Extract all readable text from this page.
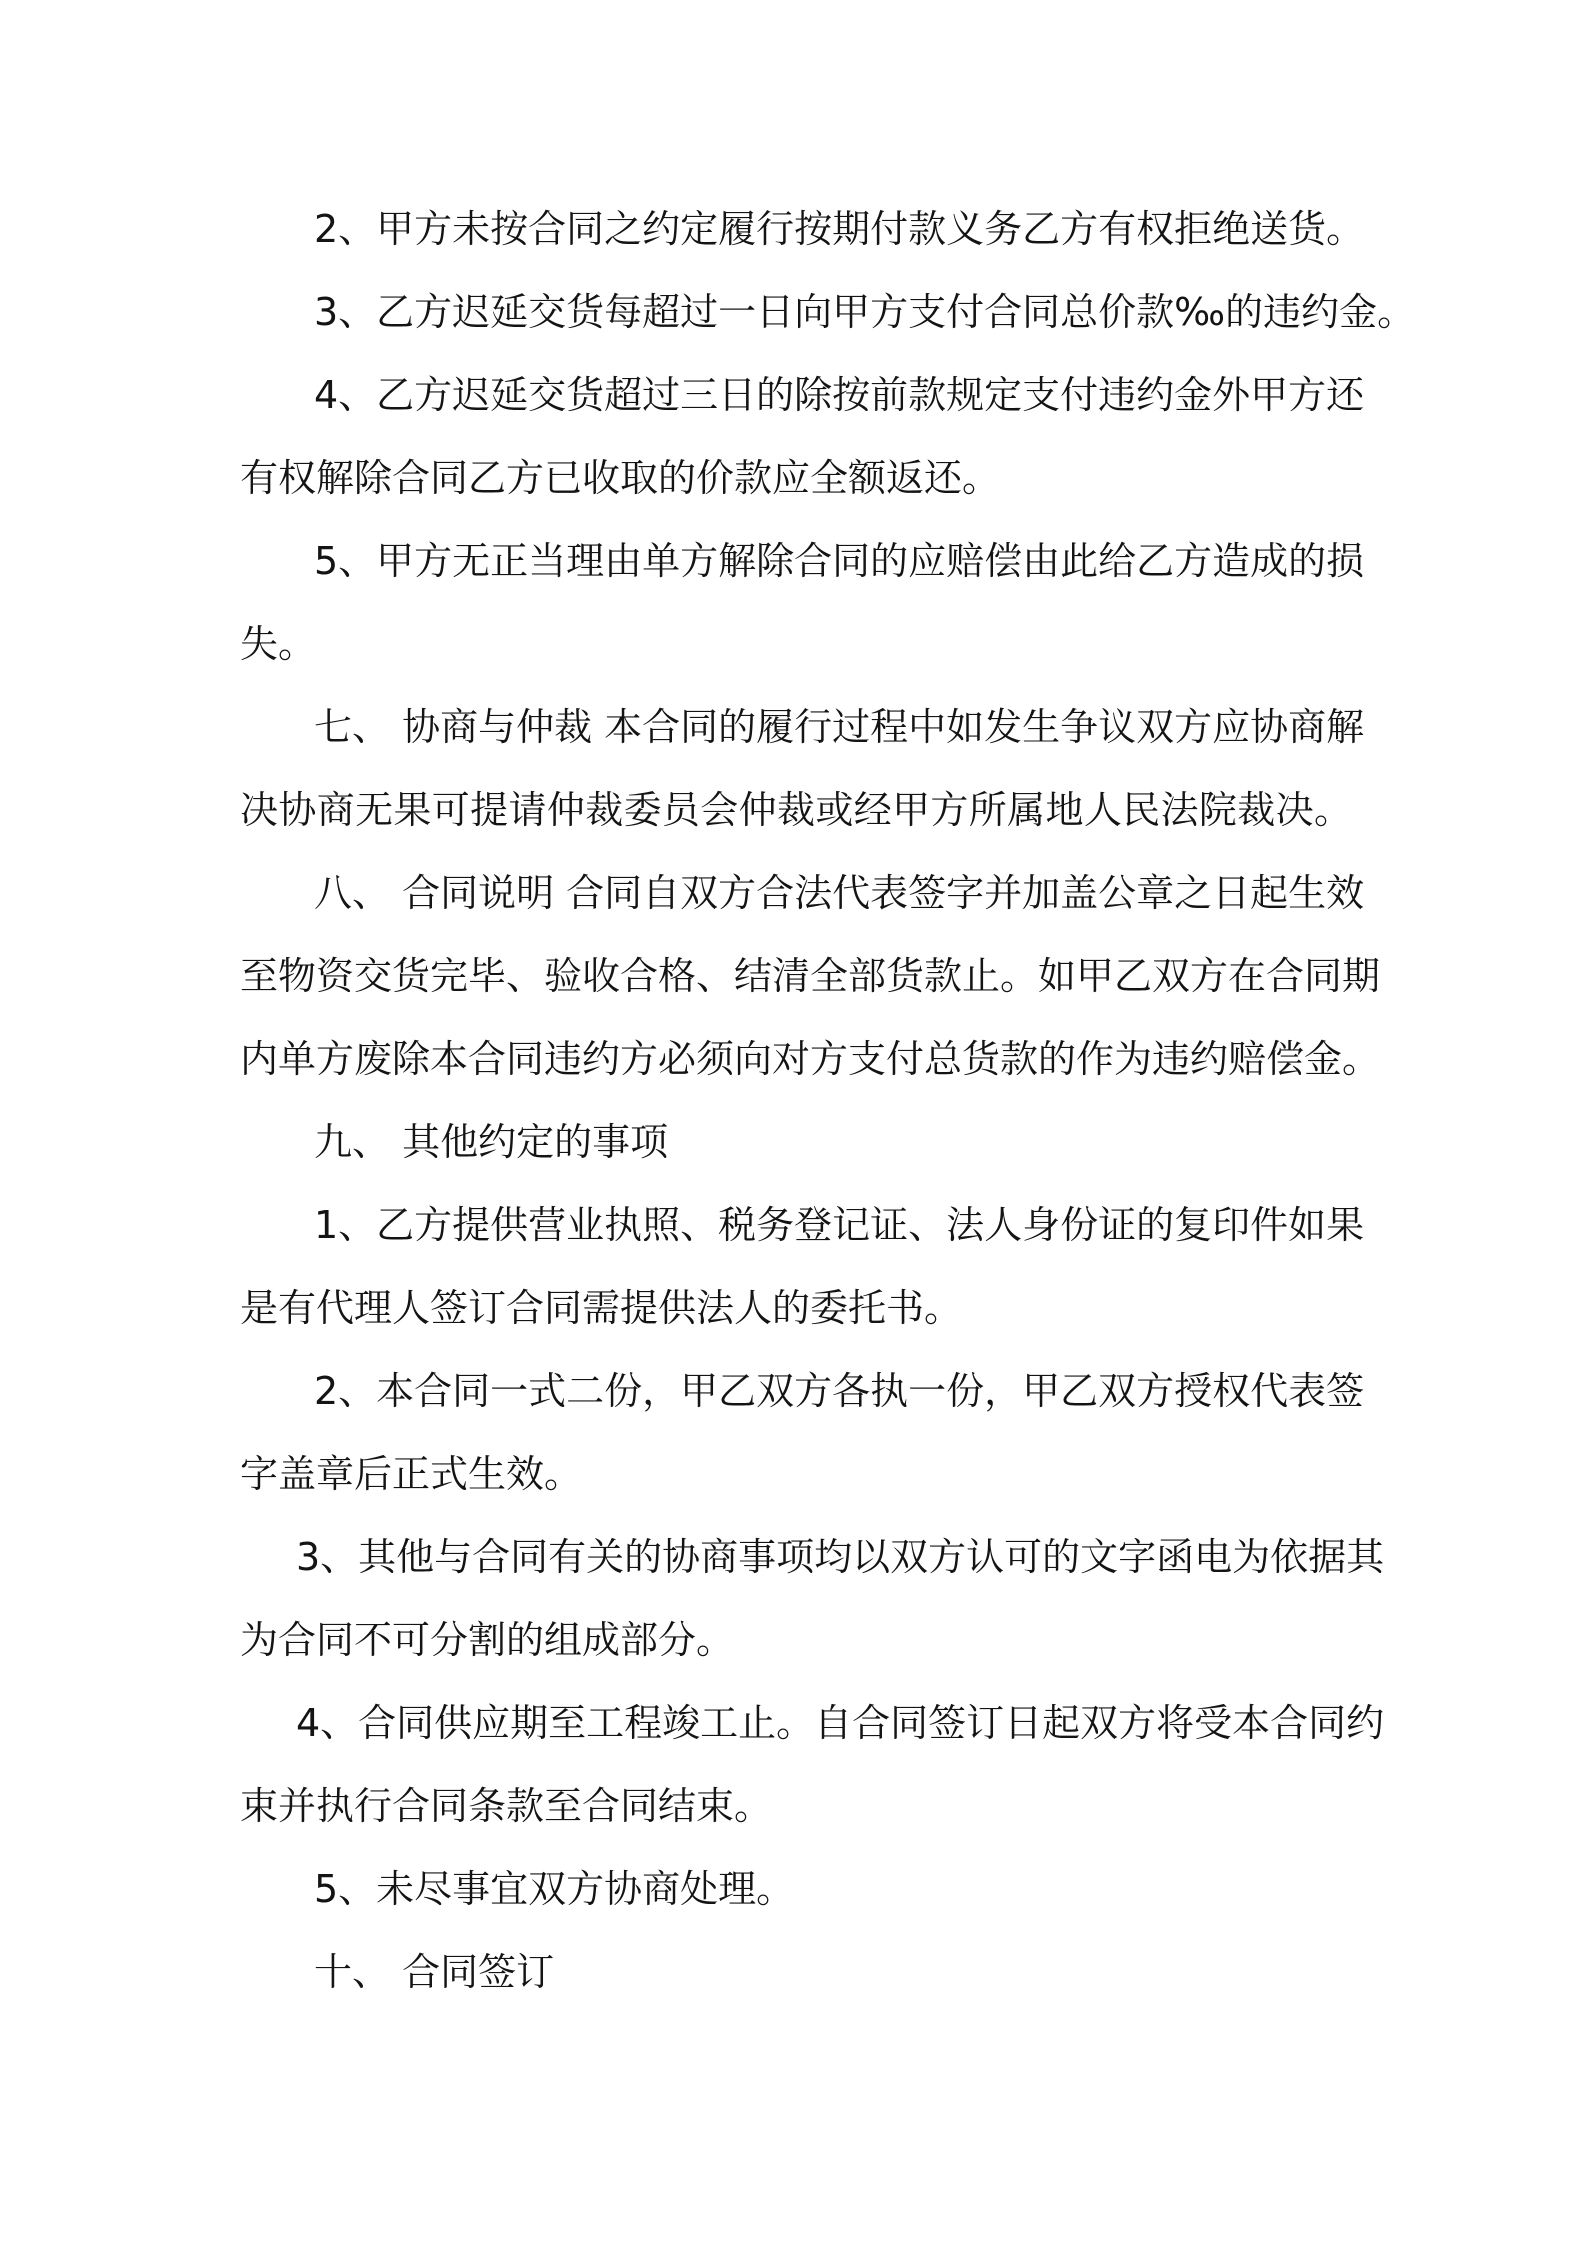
2、甲方未按合同之约定履行按期付款义务乙方有权拒绝送货。

3、乙方迟延交货每超过一日向甲方支付合同总价款‰的违约金。

4、乙方迟延交货超过三日的除按前款规定支付违约金外甲方还

有权解除合同乙方已收取的价款应全额返还。

5、甲方无正当理由单方解除合同的应赔偿由此给乙方造成的损

失。

七、 协商与仲裁 本合同的履行过程中如发生争议双方应协商解

决协商无果可提请仲裁委员会仲裁或经甲方所属地人民法院裁决。

八、 合同说明 合同自双方合法代表签字并加盖公章之日起生效

至物资交货完毕、验收合格、结清全部货款止。如甲乙双方在合同期

内单方废除本合同违约方必须向对方支付总货款的作为违约赔偿金。

九、 其他约定的事项

1、乙方提供营业执照、税务登记证、法人身份证的复印件如果

是有代理人签订合同需提供法人的委托书。

2、本合同一式二份，甲乙双方各执一份，甲乙双方授权代表签

字盖章后正式生效。

3、其他与合同有关的协商事项均以双方认可的文字函电为依据其

为合同不可分割的组成部分。

4、合同供应期至工程竣工止。自合同签订日起双方将受本合同约

束并执行合同条款至合同结束。

5、未尽事宜双方协商处理。

十、 合同签订
